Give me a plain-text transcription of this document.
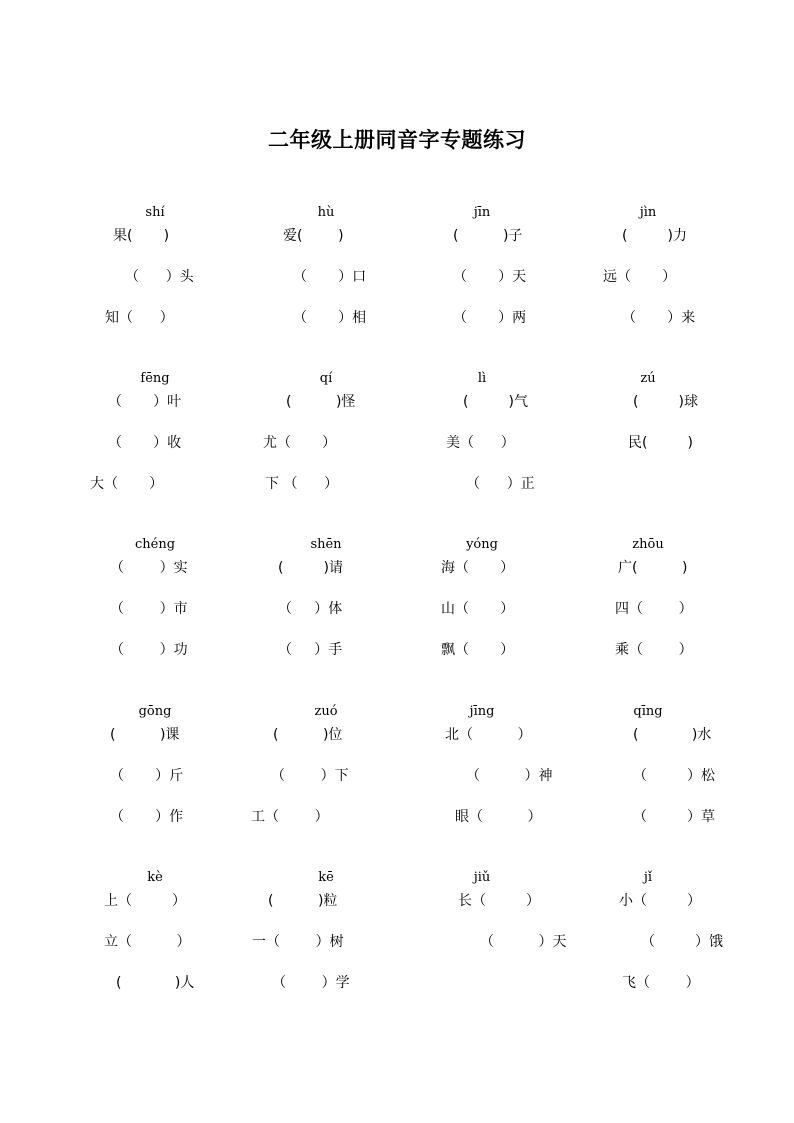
二年级上册同音字专题练习
shí
果(       )
（      ）头
知（      ）
hù
爱(        )
（       ）口
（       ）相
jīn
(          )子
（       ）天
（       ）两
jìn
(         )力
远（       ）
（       ）来
fēng
（       ）叶
（       ）收
大（       ）
qí
(          )怪
尤（       ）
下 （      ）
lì
(         )气
美（      ）
（      ）正
zú
(         )球
民(         )
chéng
（        ）实
（        ）市
（        ）功
shēn
(         )请
（     ）体
（     ）手
yóng
海（       ）
山（       ）
飘（       ）
zhōu
广(          )
四（        ）
乘（        ）
gōng
(          )课
（       ）斤
（       ）作
zuó
(          )位
（        ）下
工（        ）
jīng
北（          ）
（          ）神
眼（          ）
qīng
(            )水
（         ）松
（         ）草
kè
上（         ）
立（          ）
(            )人
kē
(          )粒
一（        ）树
（        ）学
jiǔ
长（         ）
（          ）天
jǐ
小（         ）
（         ）饿
飞（        ）
